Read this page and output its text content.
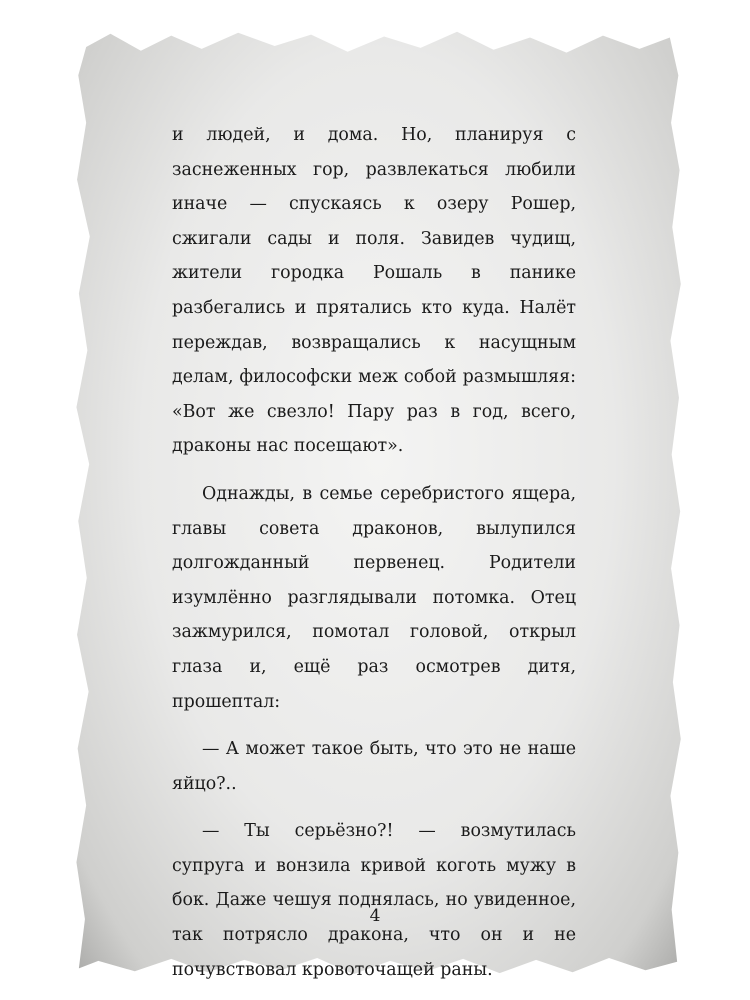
и людей, и дома. Но, планируя с заснеженных гор, развлекаться любили иначе — спускаясь к озеру Рошер, сжигали сады и поля. Завидев чудищ, жители городка Рошаль в панике разбегались и прятались кто куда. Налёт переждав, возвращались к насущным делам, философски меж собой размышляя: «Вот же свезло! Пару раз в год, всего, драконы нас посещают».

Однажды, в семье серебристого ящера, главы совета драконов, вылупился долгожданный первенец. Родители изумлённо разглядывали потомка. Отец зажмурился, помотал головой, открыл глаза и, ещё раз осмотрев дитя, прошептал:

— А может такое быть, что это не наше яйцо?..

— Ты серьёзно?! — возмутилась супруга и вонзила кривой коготь мужу в бок. Даже чешуя поднялась, но увиденное, так потрясло дракона, что он и не почувствовал кровоточащей раны.

4
